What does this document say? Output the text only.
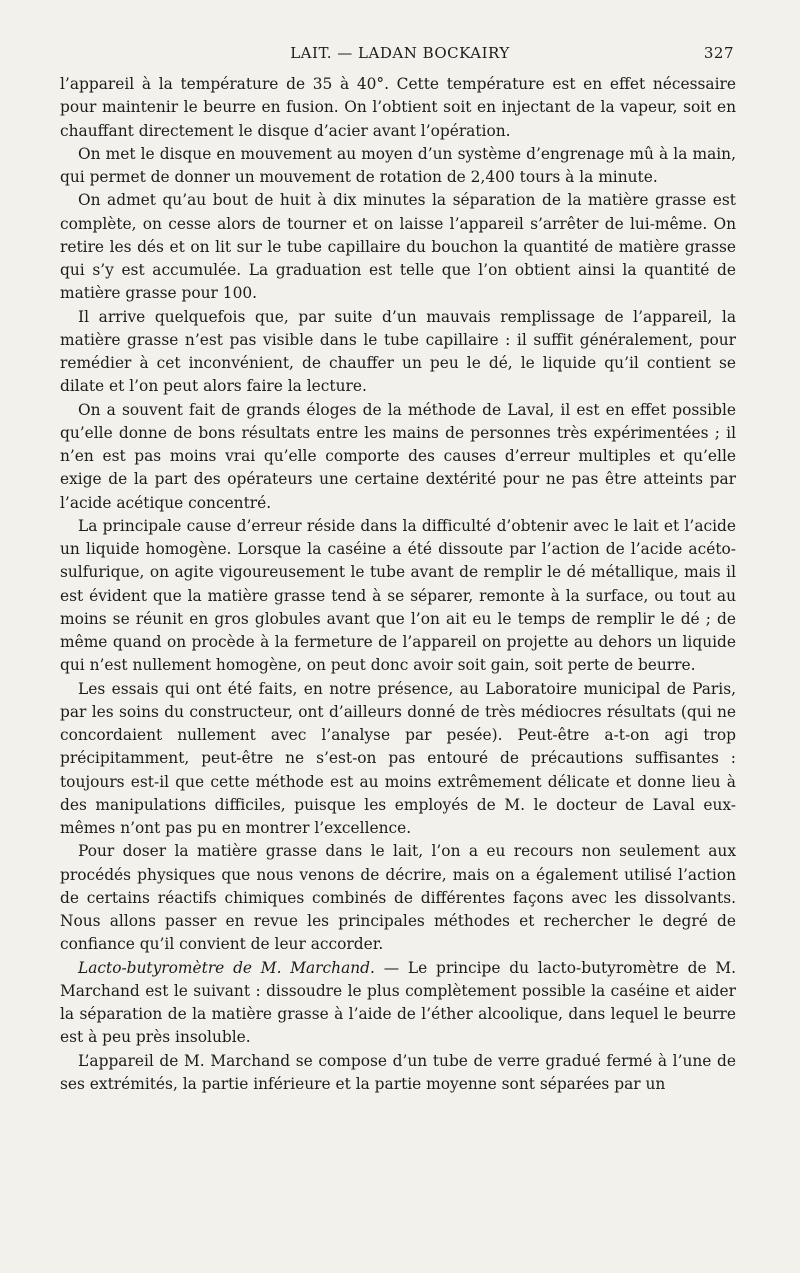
LAIT. — LADAN BOCKAIRY	327

l’appareil à la température de 35 à 40°. Cette température est en effet nécessaire pour maintenir le beurre en fusion. On l’obtient soit en injectant de la vapeur, soit en chauffant directement le disque d’acier avant l’opération.

On met le disque en mouvement au moyen d’un système d’engrenage mû à la main, qui permet de donner un mouvement de rotation de 2,400 tours à la minute.

On admet qu’au bout de huit à dix minutes la séparation de la matière grasse est complète, on cesse alors de tourner et on laisse l’appareil s’arrêter de lui-même. On retire les dés et on lit sur le tube capillaire du bouchon la quantité de matière grasse qui s’y est accumulée. La graduation est telle que l’on obtient ainsi la quantité de matière grasse pour 100.

Il arrive quelquefois que, par suite d’un mauvais remplissage de l’appareil, la matière grasse n’est pas visible dans le tube capillaire : il suffit généralement, pour remédier à cet inconvénient, de chauffer un peu le dé, le liquide qu’il contient se dilate et l’on peut alors faire la lecture.

On a souvent fait de grands éloges de la méthode de Laval, il est en effet possible qu’elle donne de bons résultats entre les mains de personnes très expérimentées ; il n’en est pas moins vrai qu’elle comporte des causes d’erreur multiples et qu’elle exige de la part des opérateurs une certaine dextérité pour ne pas être atteints par l’acide acétique concentré.

La principale cause d’erreur réside dans la difficulté d’obtenir avec le lait et l’acide un liquide homogène. Lorsque la caséine a été dissoute par l’action de l’acide acéto-sulfurique, on agite vigoureusement le tube avant de remplir le dé métallique, mais il est évident que la matière grasse tend à se séparer, remonte à la surface, ou tout au moins se réunit en gros globules avant que l’on ait eu le temps de remplir le dé ; de même quand on procède à la fermeture de l’appareil on projette au dehors un liquide qui n’est nullement homogène, on peut donc avoir soit gain, soit perte de beurre.

Les essais qui ont été faits, en notre présence, au Laboratoire municipal de Paris, par les soins du constructeur, ont d’ailleurs donné de très médiocres résultats (qui ne concordaient nullement avec l’analyse par pesée). Peut-être a-t-on agi trop précipitamment, peut-être ne s’est-on pas entouré de précautions suffisantes : toujours est-il que cette méthode est au moins extrêmement délicate et donne lieu à des manipulations difficiles, puisque les employés de M. le docteur de Laval eux-mêmes n’ont pas pu en montrer l’excellence.

Pour doser la matière grasse dans le lait, l’on a eu recours non seulement aux procédés physiques que nous venons de décrire, mais on a également utilisé l’action de certains réactifs chimiques combinés de différentes façons avec les dissolvants. Nous allons passer en revue les principales méthodes et rechercher le degré de confiance qu’il convient de leur accorder.

Lacto-butyromètre de M. Marchand. — Le principe du lacto-butyromètre de M. Marchand est le suivant : dissoudre le plus complètement possible la caséine et aider la séparation de la matière grasse à l’aide de l’éther alcoolique, dans lequel le beurre est à peu près insoluble.

L’appareil de M. Marchand se compose d’un tube de verre gradué fermé à l’une de ses extrémités, la partie inférieure et la partie moyenne sont séparées par un
